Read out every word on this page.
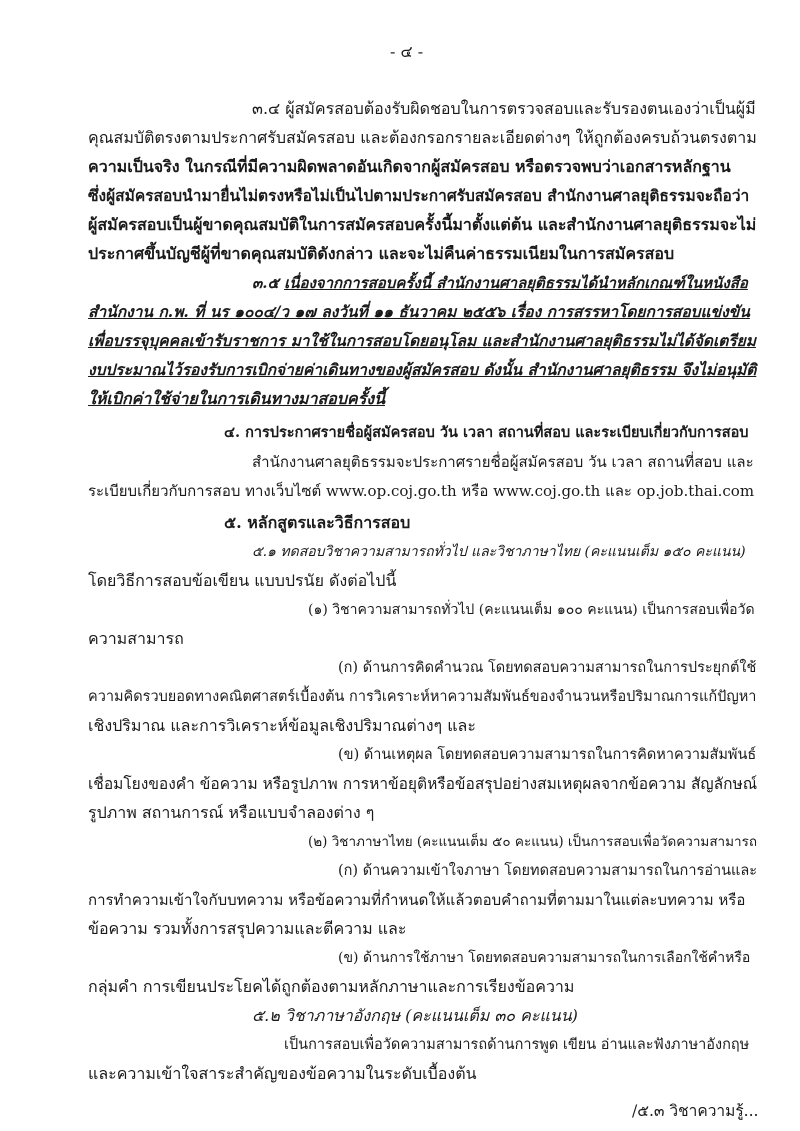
- ๔ -
๓.๔ ผู้สมัครสอบต้องรับผิดชอบในการตรวจสอบและรับรองตนเองว่าเป็นผู้มี
คุณสมบัติตรงตามประกาศรับสมัครสอบ และต้องกรอกรายละเอียดต่างๆ ให้ถูกต้องครบถ้วนตรงตาม
ความเป็นจริง ในกรณีที่มีความผิดพลาดอันเกิดจากผู้สมัครสอบ หรือตรวจพบว่าเอกสารหลักฐาน
ซึ่งผู้สมัครสอบนำมายื่นไม่ตรงหรือไม่เป็นไปตามประกาศรับสมัครสอบ สำนักงานศาลยุติธรรมจะถือว่า
ผู้สมัครสอบเป็นผู้ขาดคุณสมบัติในการสมัครสอบครั้งนี้มาตั้งแต่ต้น และสำนักงานศาลยุติธรรมจะไม่
ประกาศขึ้นบัญชีผู้ที่ขาดคุณสมบัติดังกล่าว และจะไม่คืนค่าธรรมเนียมในการสมัครสอบ
๓.๕ เนื่องจากการสอบครั้งนี้ สำนักงานศาลยุติธรรมได้นำหลักเกณฑ์ในหนังสือ
สำนักงาน ก.พ. ที่ นร ๑๐๐๔/ว ๑๗ ลงวันที่ ๑๑ ธันวาคม ๒๕๕๖ เรื่อง การสรรหาโดยการสอบแข่งขัน
เพื่อบรรจุบุคคลเข้ารับราชการ มาใช้ในการสอบโดยอนุโลม และสำนักงานศาลยุติธรรมไม่ได้จัดเตรียม
งบประมาณไว้รองรับการเบิกจ่ายค่าเดินทางของผู้สมัครสอบ ดังนั้น สำนักงานศาลยุติธรรม จึงไม่อนุมัติ
ให้เบิกค่าใช้จ่ายในการเดินทางมาสอบครั้งนี้
๔. การประกาศรายชื่อผู้สมัครสอบ วัน เวลา สถานที่สอบ และระเบียบเกี่ยวกับการสอบ
สำนักงานศาลยุติธรรมจะประกาศรายชื่อผู้สมัครสอบ วัน เวลา สถานที่สอบ และ
ระเบียบเกี่ยวกับการสอบ ทางเว็บไซต์ www.op.coj.go.th หรือ www.coj.go.th และ op.job.thai.com
๕. หลักสูตรและวิธีการสอบ
๕.๑ ทดสอบวิชาความสามารถทั่วไป และวิชาภาษาไทย (คะแนนเต็ม ๑๕๐ คะแนน)
โดยวิธีการสอบข้อเขียน แบบปรนัย ดังต่อไปนี้
(๑) วิชาความสามารถทั่วไป (คะแนนเต็ม ๑๐๐ คะแนน) เป็นการสอบเพื่อวัด
ความสามารถ
(ก) ด้านการคิดคำนวณ โดยทดสอบความสามารถในการประยุกต์ใช้
ความคิดรวบยอดทางคณิตศาสตร์เบื้องต้น การวิเคราะห์หาความสัมพันธ์ของจำนวนหรือปริมาณการแก้ปัญหา
เชิงปริมาณ และการวิเคราะห์ข้อมูลเชิงปริมาณต่างๆ และ
(ข) ด้านเหตุผล โดยทดสอบความสามารถในการคิดหาความสัมพันธ์
เชื่อมโยงของคำ ข้อความ หรือรูปภาพ การหาข้อยุติหรือข้อสรุปอย่างสมเหตุผลจากข้อความ สัญลักษณ์
รูปภาพ สถานการณ์ หรือแบบจำลองต่าง ๆ
(๒) วิชาภาษาไทย (คะแนนเต็ม ๕๐ คะแนน) เป็นการสอบเพื่อวัดความสามารถ
(ก) ด้านความเข้าใจภาษา โดยทดสอบความสามารถในการอ่านและ
การทำความเข้าใจกับบทความ หรือข้อความที่กำหนดให้แล้วตอบคำถามที่ตามมาในแต่ละบทความ หรือ
ข้อความ รวมทั้งการสรุปความและตีความ และ
(ข) ด้านการใช้ภาษา โดยทดสอบความสามารถในการเลือกใช้คำหรือ
กลุ่มคำ การเขียนประโยคได้ถูกต้องตามหลักภาษาและการเรียงข้อความ
๕.๒ วิชาภาษาอังกฤษ (คะแนนเต็ม ๓๐ คะแนน)
เป็นการสอบเพื่อวัดความสามารถด้านการพูด เขียน อ่านและฟังภาษาอังกฤษ
และความเข้าใจสาระสำคัญของข้อความในระดับเบื้องต้น
/๕.๓ วิชาความรู้...
